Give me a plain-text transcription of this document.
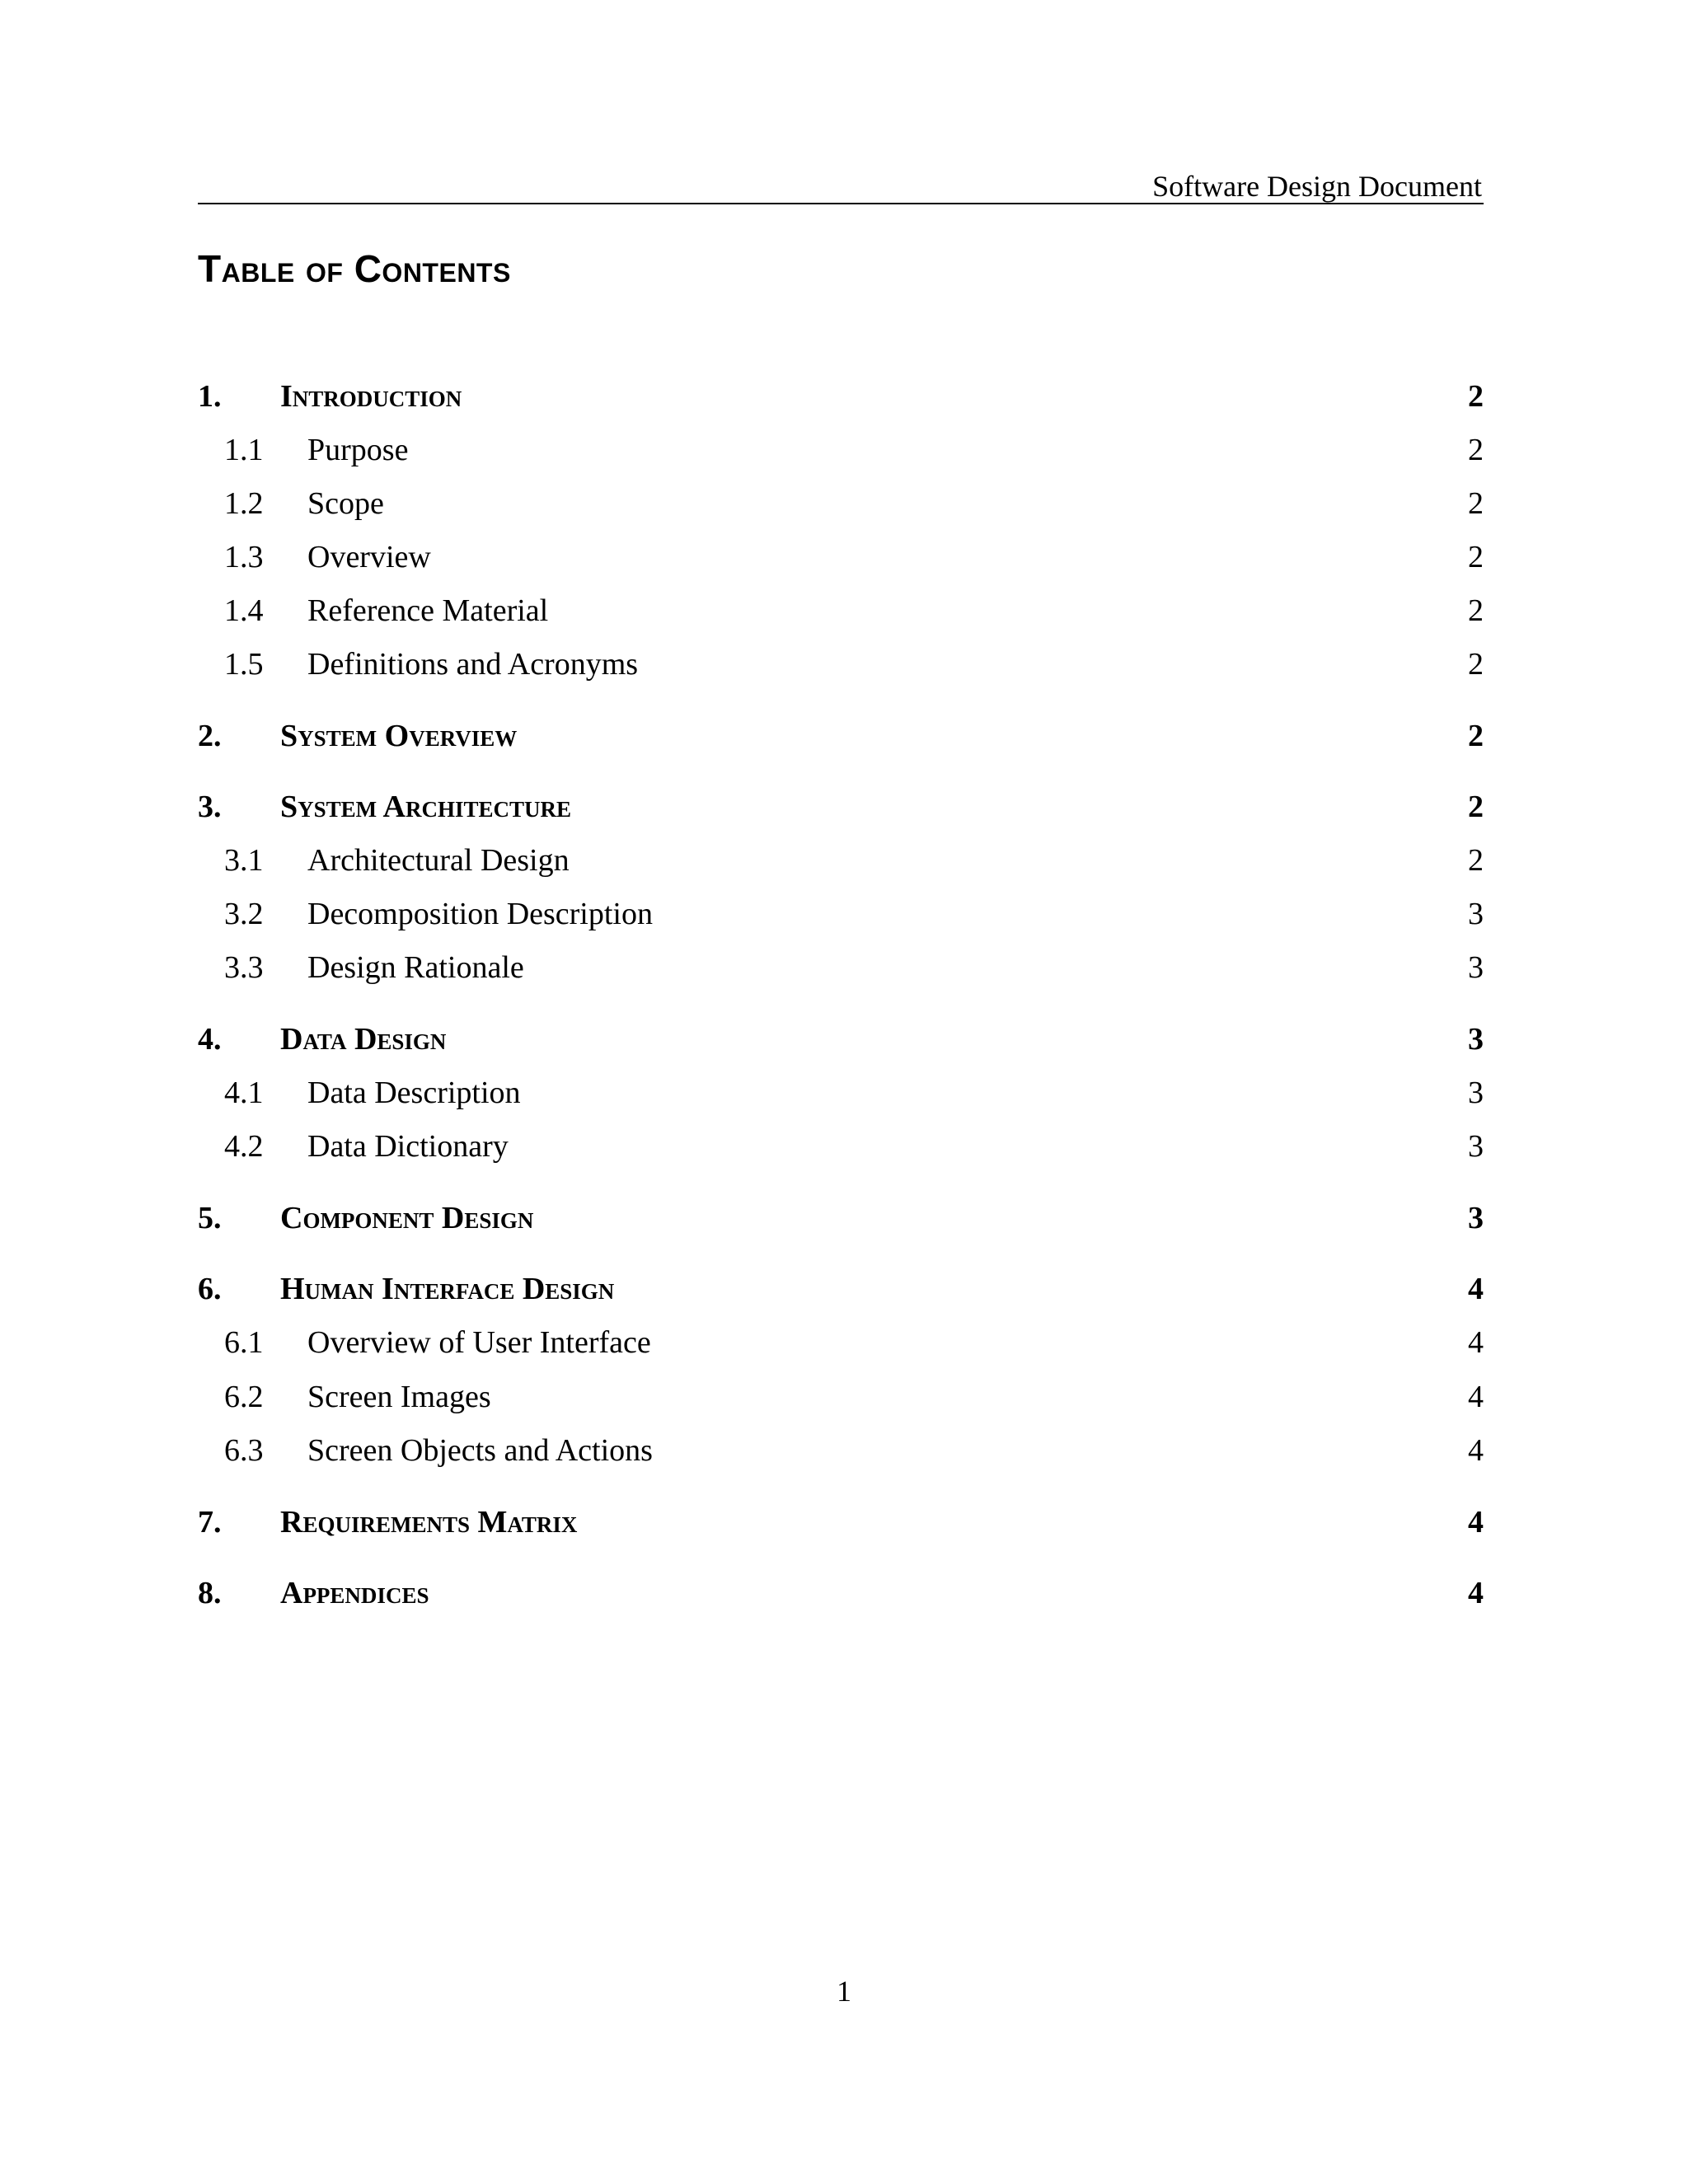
Software Design Document
Table of Contents
1. Introduction	2
1.1 Purpose	2
1.2 Scope	2
1.3 Overview	2
1.4 Reference Material	2
1.5 Definitions and Acronyms	2
2. System Overview	2
3. System Architecture	2
3.1 Architectural Design	2
3.2 Decomposition Description	3
3.3 Design Rationale	3
4. Data Design	3
4.1 Data Description	3
4.2 Data Dictionary	3
5. Component Design	3
6. Human Interface Design	4
6.1 Overview of User Interface	4
6.2 Screen Images	4
6.3 Screen Objects and Actions	4
7. Requirements Matrix	4
8. Appendices	4
1
